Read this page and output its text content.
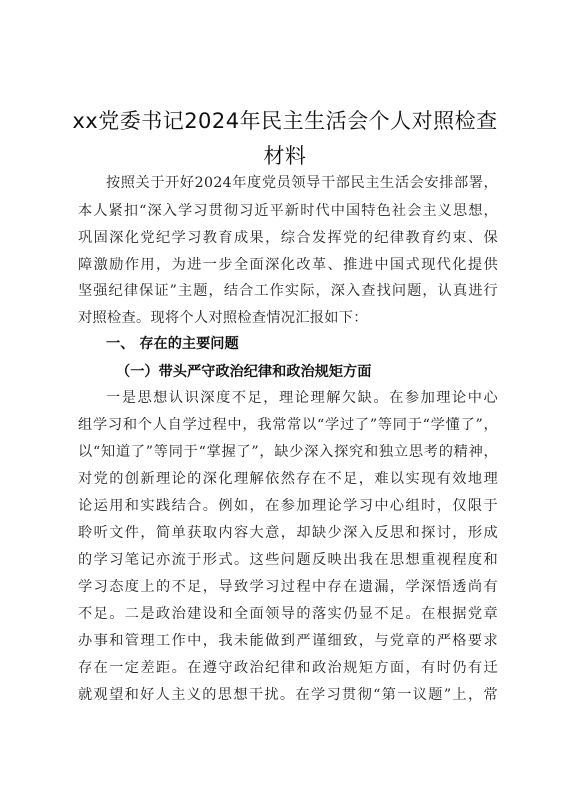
xx党委书记2024年民主生活会个人对照检查
材料
按照关于开好2024年度党员领导干部民主生活会安排部署，
本人紧扣“深入学习贯彻习近平新时代中国特色社会主义思想，
巩固深化党纪学习教育成果，综合发挥党的纪律教育约束、保
障激励作用，为进一步全面深化改革、推进中国式现代化提供
坚强纪律保证”主题，结合工作实际，深入查找问题，认真进行
对照检查。现将个人对照检查情况汇报如下：
一、 存在的主要问题
（一）带头严守政治纪律和政治规矩方面
一是思想认识深度不足，理论理解欠缺。在参加理论中心
组学习和个人自学过程中，我常常以“学过了”等同于“学懂了”，
以“知道了”等同于“掌握了”，缺少深入探究和独立思考的精神，
对党的创新理论的深化理解依然存在不足，难以实现有效地理
论运用和实践结合。例如，在参加理论学习中心组时，仅限于
聆听文件，简单获取内容大意，却缺少深入反思和探讨，形成
的学习笔记亦流于形式。这些问题反映出我在思想重视程度和
学习态度上的不足，导致学习过程中存在遗漏，学深悟透尚有
不足。二是政治建设和全面领导的落实仍显不足。在根据党章
办事和管理工作中，我未能做到严谨细致，与党章的严格要求
存在一定差距。在遵守政治纪律和政治规矩方面，有时仍有迁
就观望和好人主义的思想干扰。在学习贯彻“第一议题”上，常
